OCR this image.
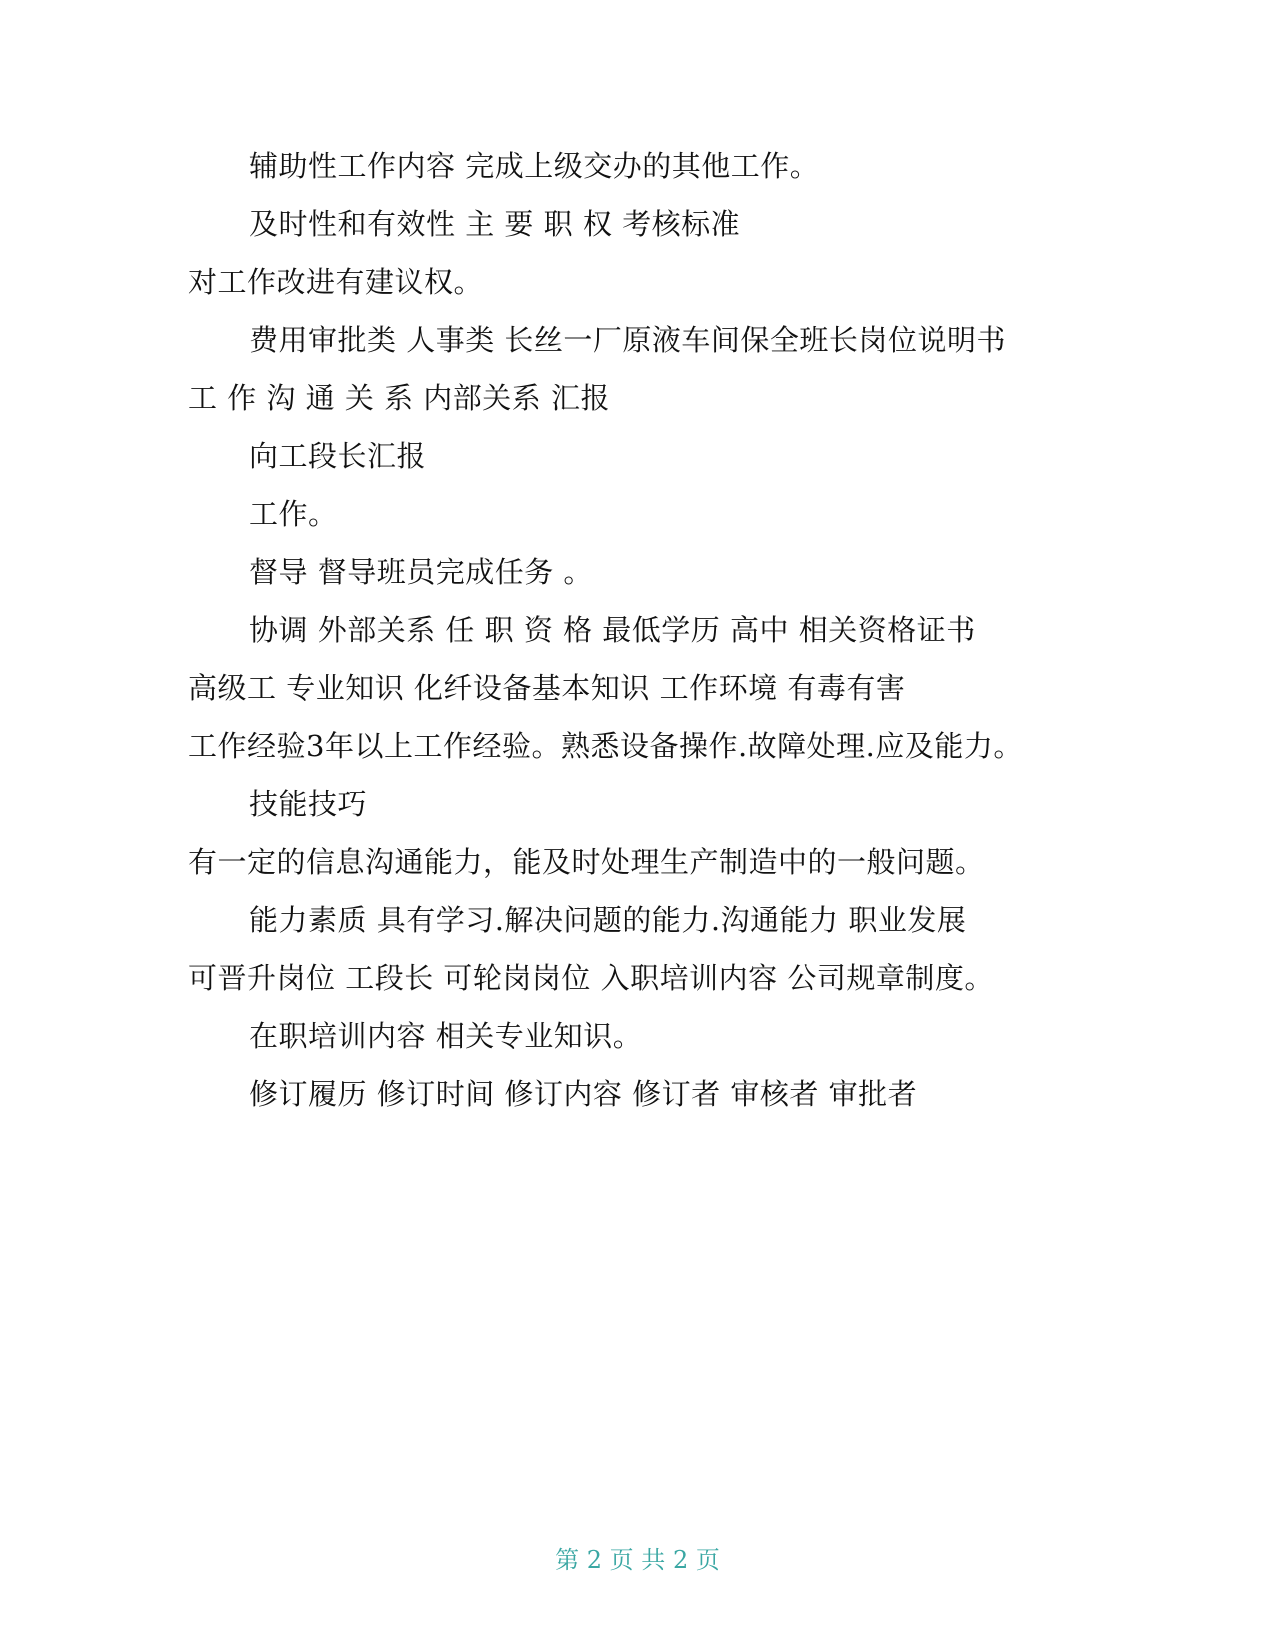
辅助性工作内容 完成上级交办的其他工作。
及时性和有效性 主 要 职 权 考核标准
对工作改进有建议权。
费用审批类 人事类 长丝一厂原液车间保全班长岗位说明书
工 作 沟 通 关 系 内部关系 汇报
向工段长汇报
工作。
督导 督导班员完成任务 。
协调 外部关系 任 职 资 格 最低学历 高中 相关资格证书
高级工 专业知识 化纤设备基本知识 工作环境 有毒有害
工作经验3年以上工作经验。熟悉设备操作.故障处理.应及能力。
技能技巧
有一定的信息沟通能力，能及时处理生产制造中的一般问题。
能力素质 具有学习.解决问题的能力.沟通能力 职业发展
可晋升岗位 工段长 可轮岗岗位 入职培训内容 公司规章制度。
在职培训内容 相关专业知识。
修订履历 修订时间 修订内容 修订者 审核者 审批者
第 2 页 共 2 页
